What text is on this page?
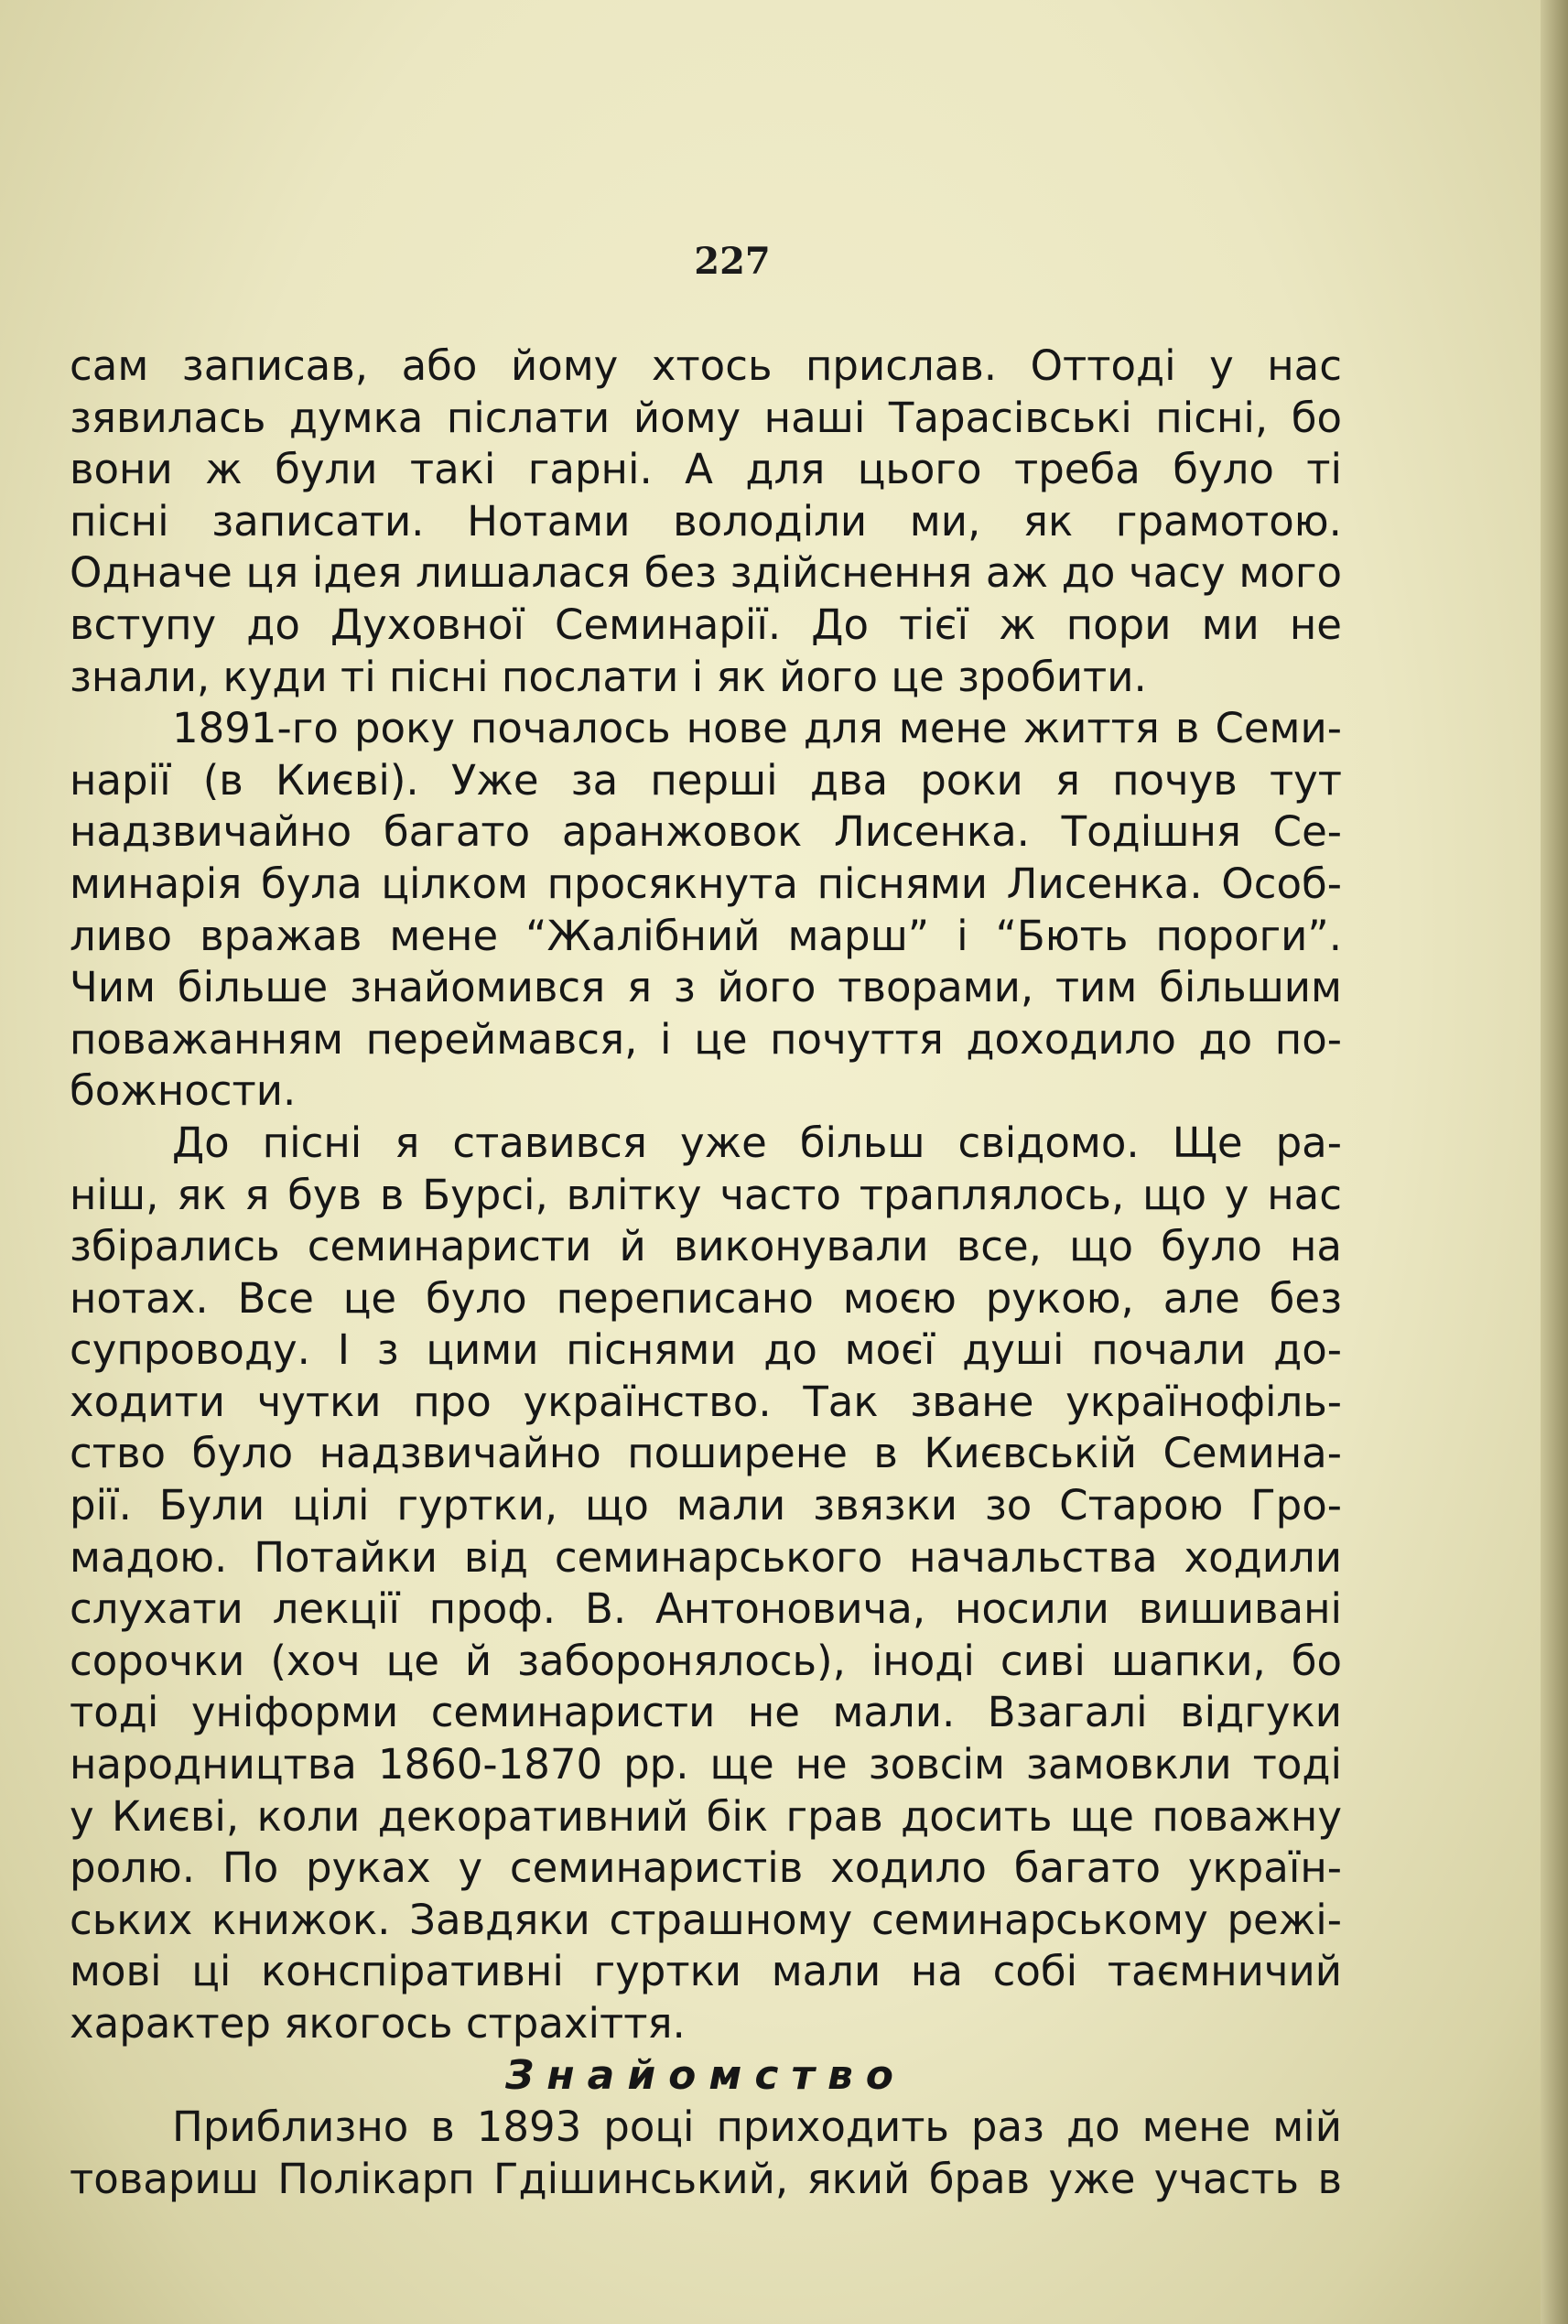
227
сам записав, або йому хтось прислав. Оттоді у нас
зявилась думка післати йому наші Тарасівські пісні, бо
вони ж були такі гарні. А для цього треба було ті
пісні записати. Нотами володіли ми, як грамотою.
Одначе ця ідея лишалася без здійснення аж до часу мого
вступу до Духовної Семинарії. До тієї ж пори ми не
знали, куди ті пісні послати і як його це зробити.
1891-го року почалось нове для мене життя в Семи-
нарії (в Києві). Уже за перші два роки я почув тут
надзвичайно багато аранжовок Лисенка. Тодішня Се-
минарія була цілком просякнута піснями Лисенка. Особ-
ливо вражав мене “Жалібний марш” і “Бють пороги”.
Чим більше знайомився я з його творами, тим більшим
поважанням переймався, і це почуття доходило до по-
божности.
До пісні я ставився уже більш свідомо. Ще ра-
ніш, як я був в Бурсі, влітку часто траплялось, що у нас
збірались семинаристи й виконували все, що було на
нотах. Все це було переписано моєю рукою, але без
супроводу. І з цими піснями до моєї душі почали до-
ходити чутки про українство. Так зване українофіль-
ство було надзвичайно поширене в Києвській Семина-
рії. Були цілі гуртки, що мали звязки зо Старою Гро-
мадою. Потайки від семинарського начальства ходили
слухати лекції проф. В. Антоновича, носили вишивані
сорочки (хоч це й заборонялось), іноді сиві шапки, бо
тоді уніформи семинаристи не мали. Взагалі відгуки
народництва 1860-1870 рр. ще не зовсім замовкли тоді
у Києві, коли декоративний бік грав досить ще поважну
ролю. По руках у семинаристів ходило багато україн-
ських книжок. Завдяки страшному семинарському режі-
мові ці конспіративні гуртки мали на собі таємничий
характер якогось страхіття.
Знайомство
Приблизно в 1893 році приходить раз до мене мій
товариш Полікарп Гдішинський, який брав уже участь в
